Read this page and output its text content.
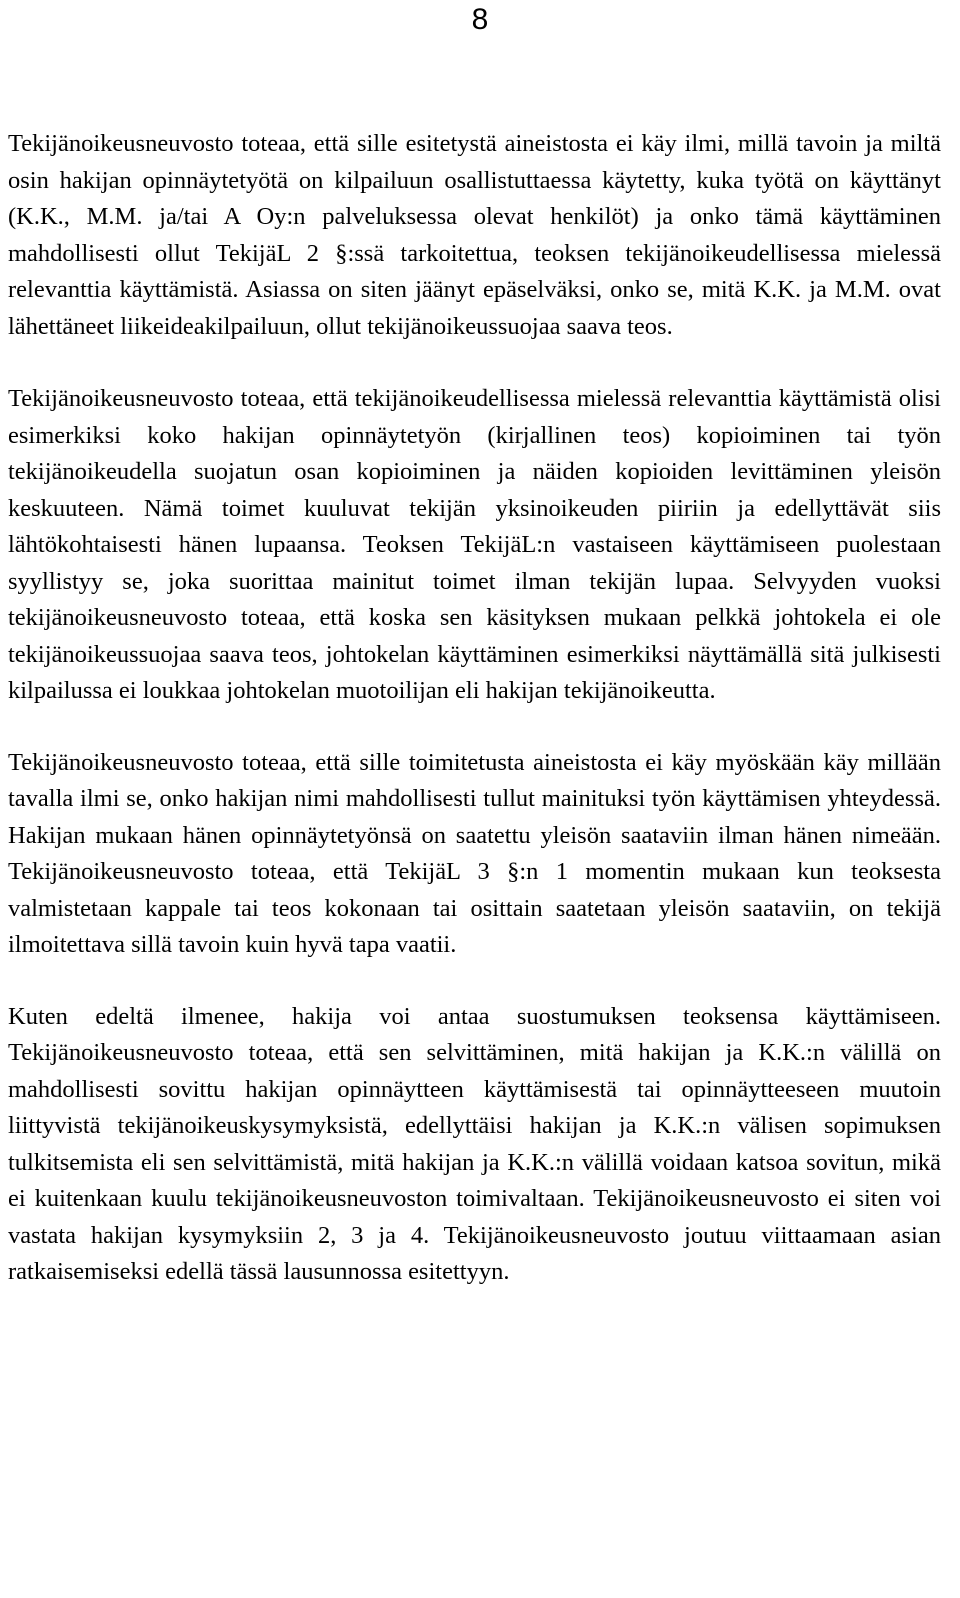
8

Tekijänoikeusneuvosto toteaa, että sille esitetystä aineistosta ei käy ilmi, millä tavoin ja miltä osin hakijan opinnäytetyötä on kilpailuun osallistuttaessa käytetty, kuka työtä on käyttänyt (K.K., M.M. ja/tai A Oy:n palveluksessa olevat henkilöt) ja onko tämä käyttäminen mahdollisesti ollut TekijäL 2 §:ssä tarkoitettua, teoksen tekijänoikeudellisessa mielessä relevanttia käyttämistä. Asiassa on siten jäänyt epäselväksi, onko se, mitä K.K. ja M.M. ovat lähettäneet liikeideakilpailuun, ollut tekijänoikeussuojaa saava teos.

Tekijänoikeusneuvosto toteaa, että tekijänoikeudellisessa mielessä relevanttia käyttämistä olisi esimerkiksi koko hakijan opinnäytetyön (kirjallinen teos) kopioiminen tai työn tekijänoikeudella suojatun osan kopioiminen ja näiden kopioiden levittäminen yleisön keskuuteen. Nämä toimet kuuluvat tekijän yksinoikeuden piiriin ja edellyttävät siis lähtökohtaisesti hänen lupaansa. Teoksen TekijäL:n vastaiseen käyttämiseen puolestaan syyllistyy se, joka suorittaa mainitut toimet ilman tekijän lupaa. Selvyyden vuoksi tekijänoikeusneuvosto toteaa, että koska sen käsityksen mukaan pelkkä johtokela ei ole tekijänoikeussuojaa saava teos, johtokelan käyttäminen esimerkiksi näyttämällä sitä julkisesti kilpailussa ei loukkaa johtokelan muotoilijan eli hakijan tekijänoikeutta.

Tekijänoikeusneuvosto toteaa, että sille toimitetusta aineistosta ei käy myöskään käy millään tavalla ilmi se, onko hakijan nimi mahdollisesti tullut mainituksi työn käyttämisen yhteydessä. Hakijan mukaan hänen opinnäytetyönsä on saatettu yleisön saataviin ilman hänen nimeään. Tekijänoikeusneuvosto toteaa, että TekijäL 3 §:n 1 momentin mukaan kun teoksesta valmistetaan kappale tai teos kokonaan tai osittain saatetaan yleisön saataviin, on tekijä ilmoitettava sillä tavoin kuin hyvä tapa vaatii.

Kuten edeltä ilmenee, hakija voi antaa suostumuksen teoksensa käyttämiseen. Tekijänoikeusneuvosto toteaa, että sen selvittäminen, mitä hakijan ja K.K.:n välillä on mahdollisesti sovittu hakijan opinnäytteen käyttämisestä tai opinnäytteeseen muutoin liittyvistä tekijänoikeuskysymyksistä, edellyttäisi hakijan ja K.K.:n välisen sopimuksen tulkitsemista eli sen selvittämistä, mitä hakijan ja K.K.:n välillä voidaan katsoa sovitun, mikä ei kuitenkaan kuulu tekijänoikeusneuvoston toimivaltaan. Tekijänoikeusneuvosto ei siten voi vastata hakijan kysymyksiin 2, 3 ja 4. Tekijänoikeusneuvosto joutuu viittaamaan asian ratkaisemiseksi edellä tässä lausunnossa esitettyyn.
